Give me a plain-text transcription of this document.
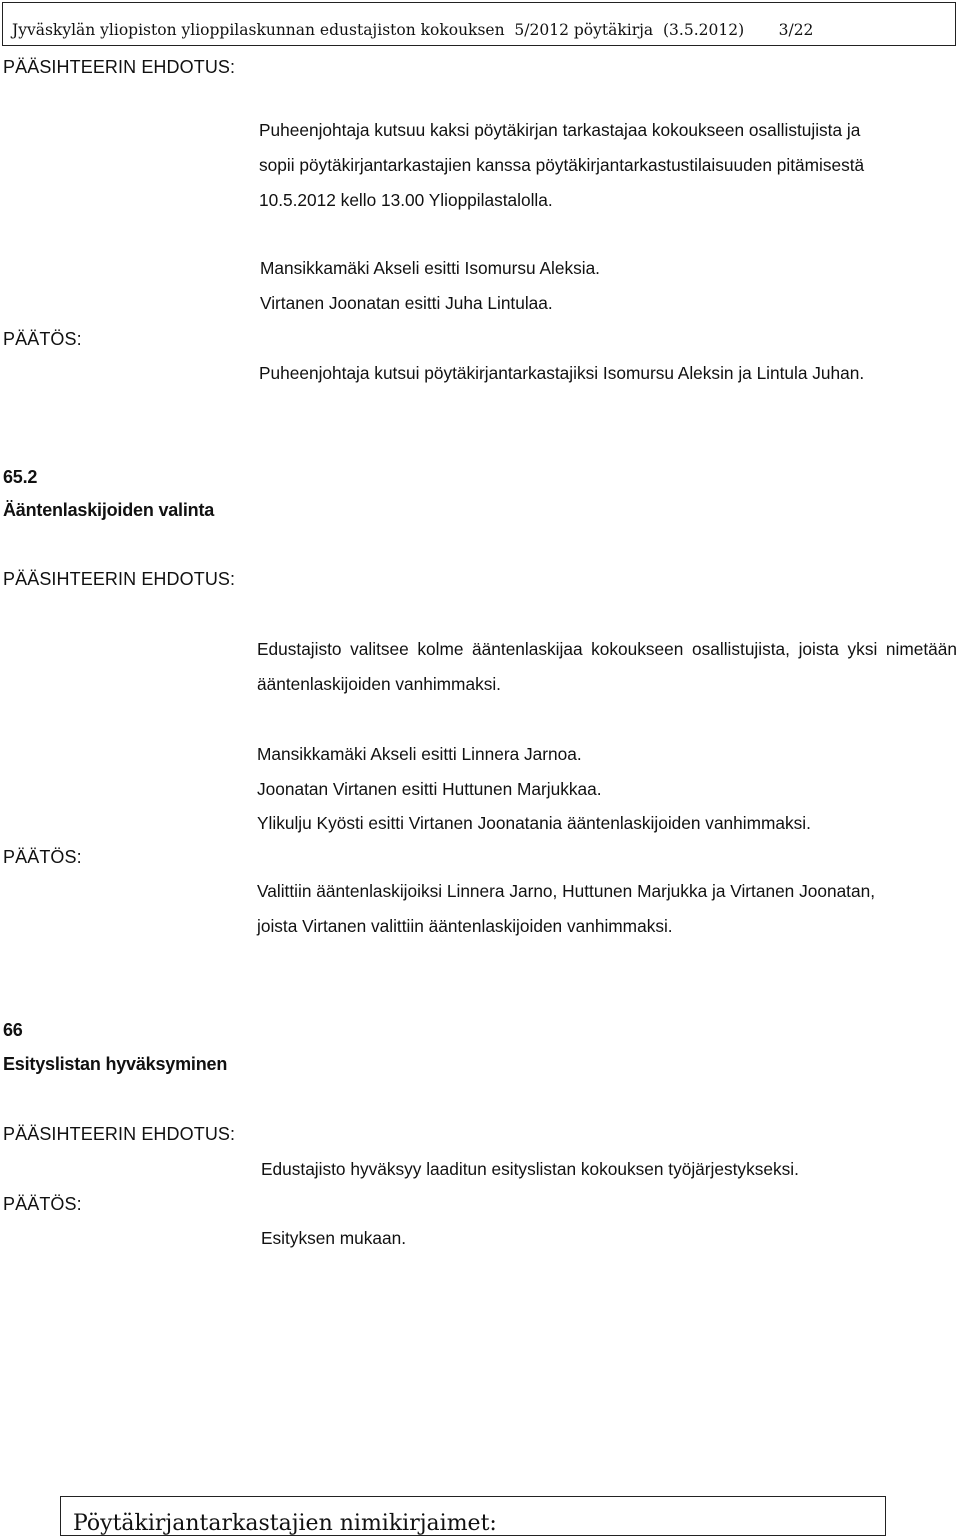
Jyväskylän yliopiston ylioppilaskunnan edustajiston kokouksen  5/2012 pöytäkirja  (3.5.2012)       3/22

PÄÄSIHTEERIN EHDOTUS:

Puheenjohtaja kutsuu kaksi pöytäkirjan tarkastajaa kokoukseen osallistujista ja
sopii pöytäkirjantarkastajien kanssa pöytäkirjantarkastustilaisuuden pitämisestä
10.5.2012 kello 13.00 Ylioppilastalolla.

Mansikkamäki Akseli esitti Isomursu Aleksia.

Virtanen Joonatan esitti Juha Lintulaa.

PÄÄTÖS:

Puheenjohtaja kutsui pöytäkirjantarkastajiksi Isomursu Aleksin ja Lintula Juhan.

65.2

Ääntenlaskijoiden valinta

PÄÄSIHTEERIN EHDOTUS:

Edustajisto valitsee kolme ääntenlaskijaa kokoukseen osallistujista, joista yksi nimetään ääntenlaskijoiden vanhimmaksi.

Mansikkamäki Akseli esitti Linnera Jarnoa.

Joonatan Virtanen esitti Huttunen Marjukkaa.

Ylikulju Kyösti esitti Virtanen Joonatania ääntenlaskijoiden vanhimmaksi.

PÄÄTÖS:

Valittiin ääntenlaskijoiksi Linnera Jarno, Huttunen Marjukka ja Virtanen Joonatan,

joista Virtanen valittiin ääntenlaskijoiden vanhimmaksi.

66

Esityslistan hyväksyminen

PÄÄSIHTEERIN EHDOTUS:

Edustajisto hyväksyy laaditun esityslistan kokouksen työjärjestykseksi.

PÄÄTÖS:

Esityksen mukaan.

Pöytäkirjantarkastajien nimikirjaimet:
